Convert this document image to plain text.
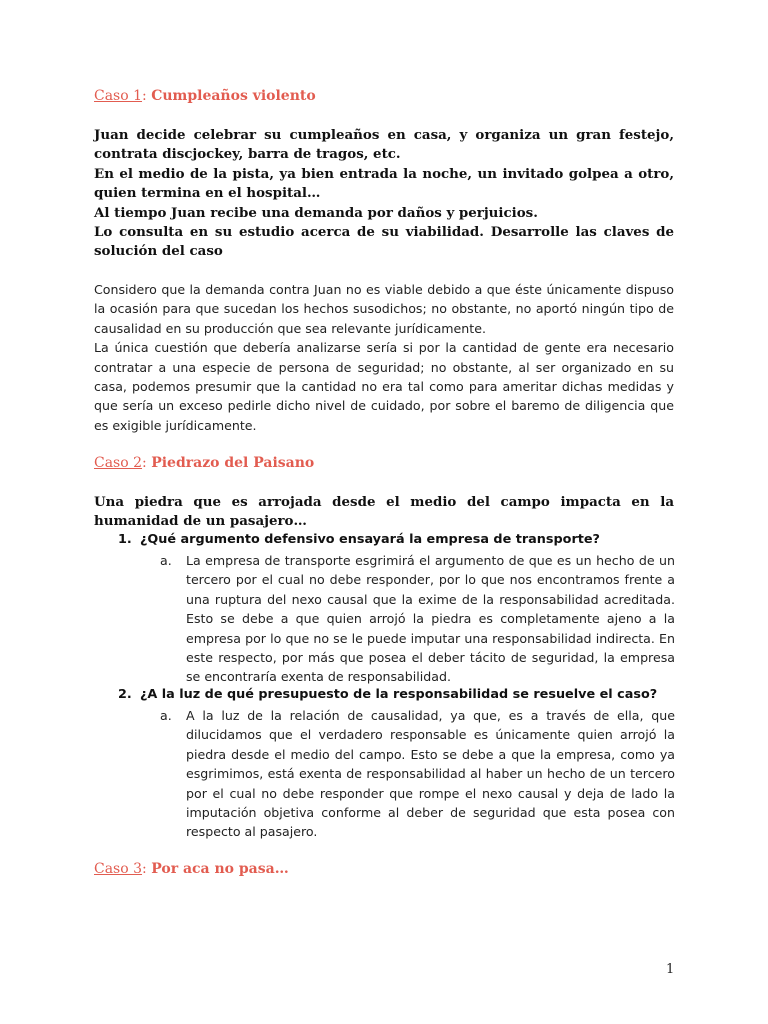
Caso 1: Cumpleaños violento

Juan decide celebrar su cumpleaños en casa, y organiza un gran festejo, contrata discjockey, barra de tragos, etc.

En el medio de la pista, ya bien entrada la noche, un invitado golpea a otro, quien termina en el hospital…

Al tiempo Juan recibe una demanda por daños y perjuicios.

Lo consulta en su estudio acerca de su viabilidad. Desarrolle las claves de solución del caso

Considero que la demanda contra Juan no es viable debido a que éste únicamente dispuso la ocasión para que sucedan los hechos susodichos; no obstante, no aportó ningún tipo de causalidad en su producción que sea relevante jurídicamente.

La única cuestión que debería analizarse sería si por la cantidad de gente era necesario contratar a una especie de persona de seguridad; no obstante, al ser organizado en su casa, podemos presumir que la cantidad no era tal como para ameritar dichas medidas y que sería un exceso pedirle dicho nivel de cuidado, por sobre el baremo de diligencia que es exigible jurídicamente.

Caso 2: Piedrazo del Paisano

Una piedra que es arrojada desde el medio del campo impacta en la humanidad de un pasajero…

1. ¿Qué argumento defensivo ensayará la empresa de transporte?
a. La empresa de transporte esgrimirá el argumento de que es un hecho de un tercero por el cual no debe responder, por lo que nos encontramos frente a una ruptura del nexo causal que la exime de la responsabilidad acreditada. Esto se debe a que quien arrojó la piedra es completamente ajeno a la empresa por lo que no se le puede imputar una responsabilidad indirecta. En este respecto, por más que posea el deber tácito de seguridad, la empresa se encontraría exenta de responsabilidad.
2. ¿A la luz de qué presupuesto de la responsabilidad se resuelve el caso?
a. A la luz de la relación de causalidad, ya que, es a través de ella, que dilucidamos que el verdadero responsable es únicamente quien arrojó la piedra desde el medio del campo. Esto se debe a que la empresa, como ya esgrimimos, está exenta de responsabilidad al haber un hecho de un tercero por el cual no debe responder que rompe el nexo causal y deja de lado la imputación objetiva conforme al deber de seguridad que esta posea con respecto al pasajero.
Caso 3: Por aca no pasa…
1
